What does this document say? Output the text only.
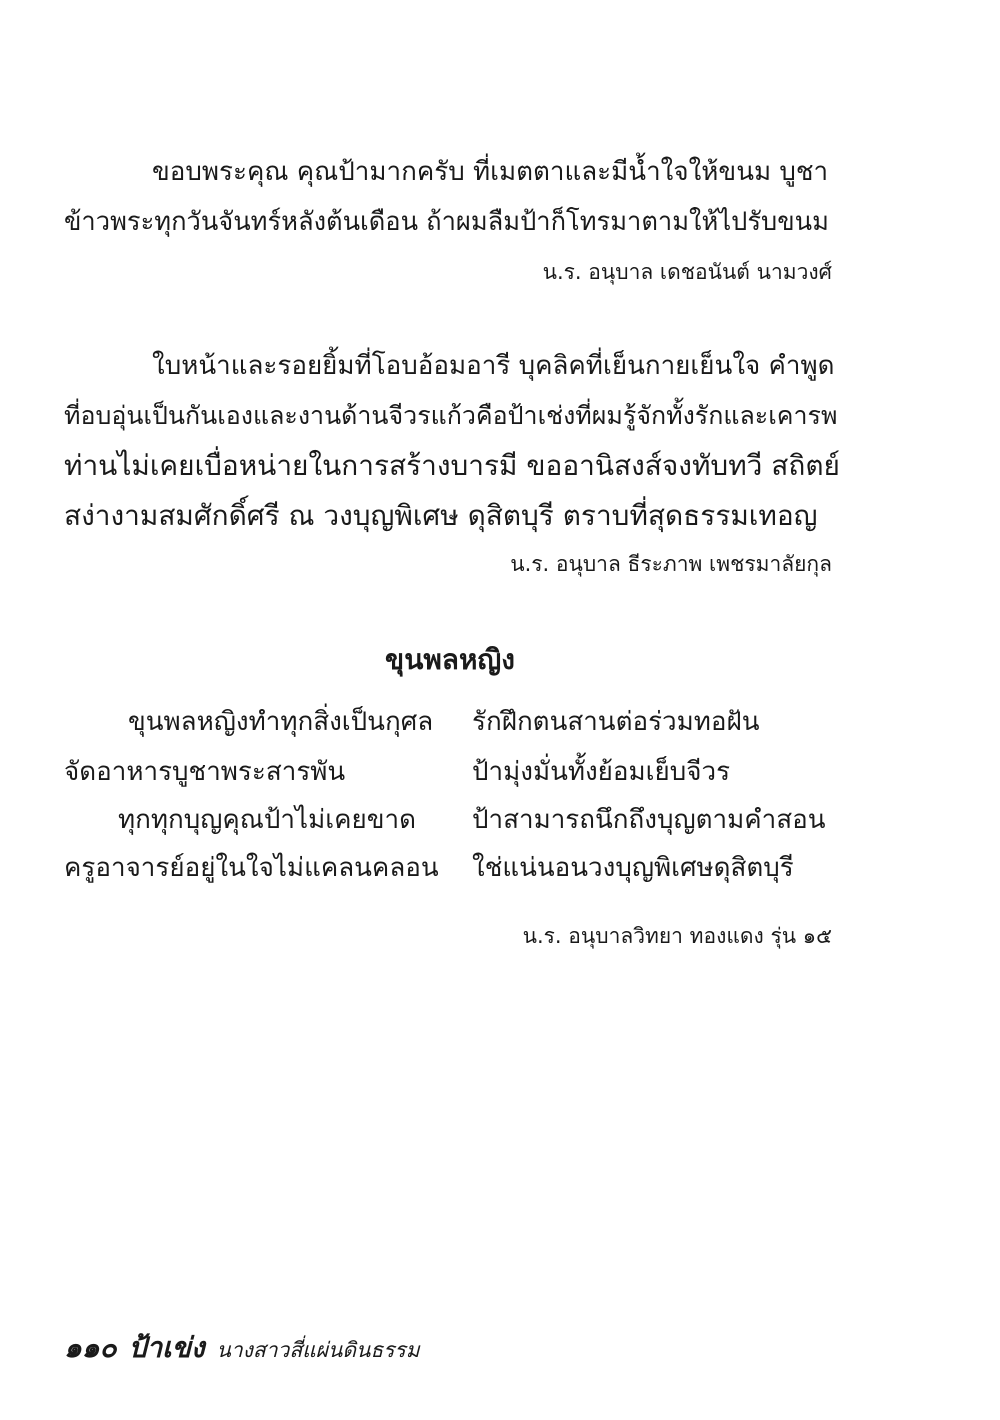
ขอบพระคุณ คุณป้ามากครับ ที่เมตตาและมีน้ำใจให้ขนม บูชา
ข้าวพระทุกวันจันทร์หลังต้นเดือน ถ้าผมลืมป้าก็โทรมาตามให้ไปรับขนม
น.ร. อนุบาล เดชอนันต์ นามวงศ์
ใบหน้าและรอยยิ้มที่โอบอ้อมอารี บุคลิคที่เย็นกายเย็นใจ คำพูด
ที่อบอุ่นเป็นกันเองและงานด้านจีวรแก้วคือป้าเช่งที่ผมรู้จักทั้งรักและเคารพ
ท่านไม่เคยเบื่อหน่ายในการสร้างบารมี ขออานิสงส์จงทับทวี สถิตย์
สง่างามสมศักดิ์ศรี ณ วงบุญพิเศษ ดุสิตบุรี ตราบที่สุดธรรมเทอญ
น.ร. อนุบาล ธีระภาพ เพชรมาลัยกุล
ขุนพลหญิง
ขุนพลหญิงทำทุกสิ่งเป็นกุศล รักฝึกตนสานต่อร่วมทอฝัน
จัดอาหารบูชาพระสารพัน	ป้ามุ่งมั่นทั้งย้อมเย็บจีวร
ทุกทุกบุญคุณป้าไม่เคยขาด ป้าสามารถนึกถึงบุญตามคำสอน
ครูอาจารย์อยู่ในใจไม่แคลนคลอน ใช่แน่นอนวงบุญพิเศษดุสิตบุรี
น.ร. อนุบาลวิทยา ทองแดง รุ่น ๑๕
๑๑๐ ป้าเข่ง นางสาวสี่แผ่นดินธรรม
